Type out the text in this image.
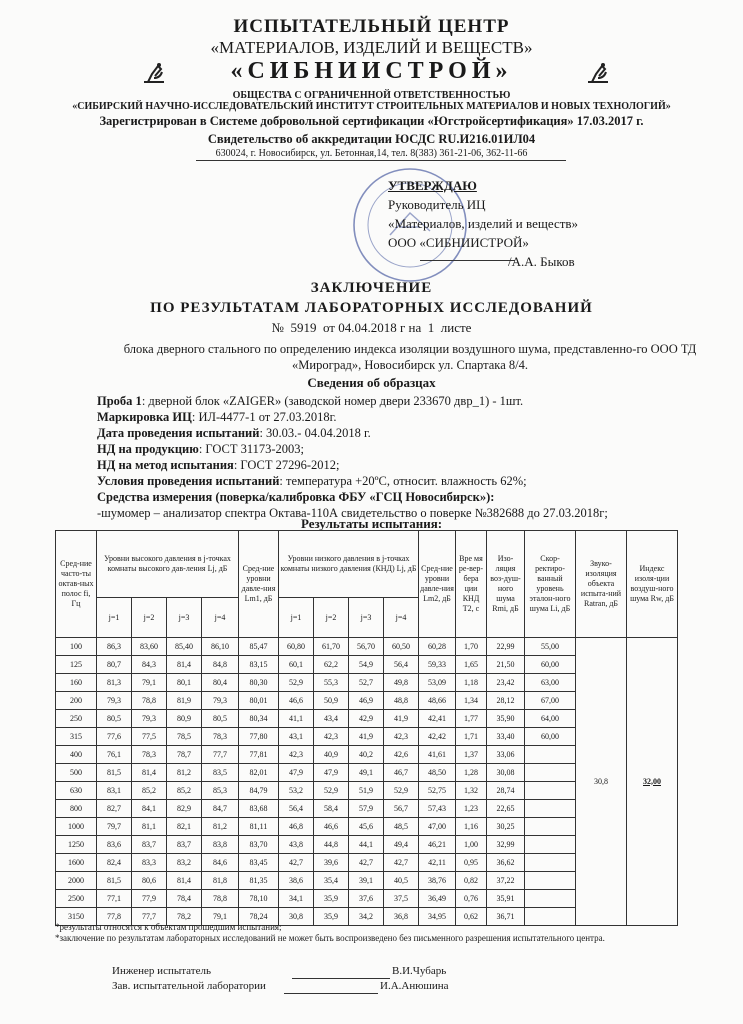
ИСПЫТАТЕЛЬНЫЙ ЦЕНТР
«МАТЕРИАЛОВ, ИЗДЕЛИЙ И ВЕЩЕСТВ»
«СИБНИИСТРОЙ»
ОБЩЕСТВА С ОГРАНИЧЕННОЙ ОТВЕТСТВЕННОСТЬЮ
«СИБИРСКИЙ НАУЧНО-ИССЛЕДОВАТЕЛЬСКИЙ ИНСТИТУТ СТРОИТЕЛЬНЫХ МАТЕРИАЛОВ И НОВЫХ ТЕХНОЛОГИЙ»
Зарегистрирован в Системе добровольной сертификации «Югстройсертификация» 17.03.2017 г.
Свидетельство об аккредитации ЮСДС RU.И216.01ИЛ04
630024, г. Новосибирск, ул. Бетонная,14, тел. 8(383) 361-21-06, 362-11-66
УТВЕРЖДАЮ
Руководитель ИЦ
«Материалов, изделий и веществ»
ООО «СИБНИИСТРОЙ»
/А.А. Быков
ЗАКЛЮЧЕНИЕ
ПО РЕЗУЛЬТАТАМ ЛАБОРАТОРНЫХ ИССЛЕДОВАНИЙ
№ 5919 от 04.04.2018 г на 1 листе
блока дверного стального по определению индекса изоляции воздушного шума, представленно-го ООО ТД «Мироград», Новосибирск ул. Спартака 8/4.
Сведения об образцах
Проба 1: дверной блок «ZAIGER» (заводской номер двери 233670 двр_1) - 1шт.
Маркировка ИЦ: ИЛ-4477-1 от 27.03.2018г.
Дата проведения испытаний: 30.03.- 04.04.2018 г.
НД на продукцию: ГОСТ 31173-2003;
НД на метод испытания: ГОСТ 27296-2012;
Условия проведения испытаний: температура +20ºС, относит. влажность 62%;
Средства измерения (поверка/калибровка ФБУ «ГСЦ Новосибирск»):
-шумомер – анализатор спектра Октава-110А свидетельство о поверке №382688 до 27.03.2018г;
Результаты испытания:
Сред-ние часто-ты октав-ных полос fi, Гц	Уровни высокого давления в j-точках комнаты высокого дав-ления Lj, дБ				Сред-ние уровни давле-ния Lm1, дБ	Уровни низкого давления в j-точках комнаты низкого давления (КНД) Lj, дБ				Сред-ние уровни давле-ния Lm2, дБ	Вре мя ре-вер-бера ции КНД Т2, с	Изо-ляция воз-душ-ного шума Rmi, дБ	Скор-ректиро-ванный уровень эталон-ного шума Li, дБ	Звуко-изоляция объекта испыта-ний Ratran, дБ	Индекс изоля-ции воздуш-ного шума Rw, дБ
	j=1	j=2	j=3	j=4		j=1	j=2	j=3	j=4						
100	86,3	83,60	85,40	86,10	85,47	60,80	61,70	56,70	60,50	60,28	1,70	22,99	55,00	30,8	32,00
125	80,7	84,3	81,4	84,8	83,15	60,1	62,2	54,9	56,4	59,33	1,65	21,50	60,00		
160	81,3	79,1	80,1	80,4	80,30	52,9	55,3	52,7	49,8	53,09	1,18	23,42	63,00		
200	79,3	78,8	81,9	79,3	80,01	46,6	50,9	46,9	48,8	48,66	1,34	28,12	67,00		
250	80,5	79,3	80,9	80,5	80,34	41,1	43,4	42,9	41,9	42,41	1,77	35,90	64,00		
315	77,6	77,5	78,5	78,3	77,80	43,1	42,3	41,9	42,3	42,42	1,71	33,40	60,00		
400	76,1	78,3	78,7	77,7	77,81	42,3	40,9	40,2	42,6	41,61	1,37	33,06			
500	81,5	81,4	81,2	83,5	82,01	47,9	47,9	49,1	46,7	48,50	1,28	30,08			
630	83,1	85,2	85,2	85,3	84,79	53,2	52,9	51,9	52,9	52,75	1,32	28,74			
800	82,7	84,1	82,9	84,7	83,68	56,4	58,4	57,9	56,7	57,43	1,23	22,65			
1000	79,7	81,1	82,1	81,2	81,11	46,8	46,6	45,6	48,5	47,00	1,16	30,25			
1250	83,6	83,7	83,7	83,8	83,70	43,8	44,8	44,1	49,4	46,21	1,00	32,99			
1600	82,4	83,3	83,2	84,6	83,45	42,7	39,6	42,7	42,7	42,11	0,95	36,62			
2000	81,5	80,6	81,4	81,8	81,35	38,6	35,4	39,1	40,5	38,76	0,82	37,22			
2500	77,1	77,9	78,4	78,8	78,10	34,1	35,9	37,6	37,5	36,49	0,76	35,91			
3150	77,8	77,7	78,2	79,1	78,24	30,8	35,9	34,2	36,8	34,95	0,62	36,71			
*результаты относятся к объектам прошедшим испытания;
*заключение по результатам лабораторных исследований не может быть воспроизведено без письменного разрешения испытательного центра.
Инженер испытатель	В.И.Чубарь
Зав. испытательной лаборатории	И.А.Анюшина
